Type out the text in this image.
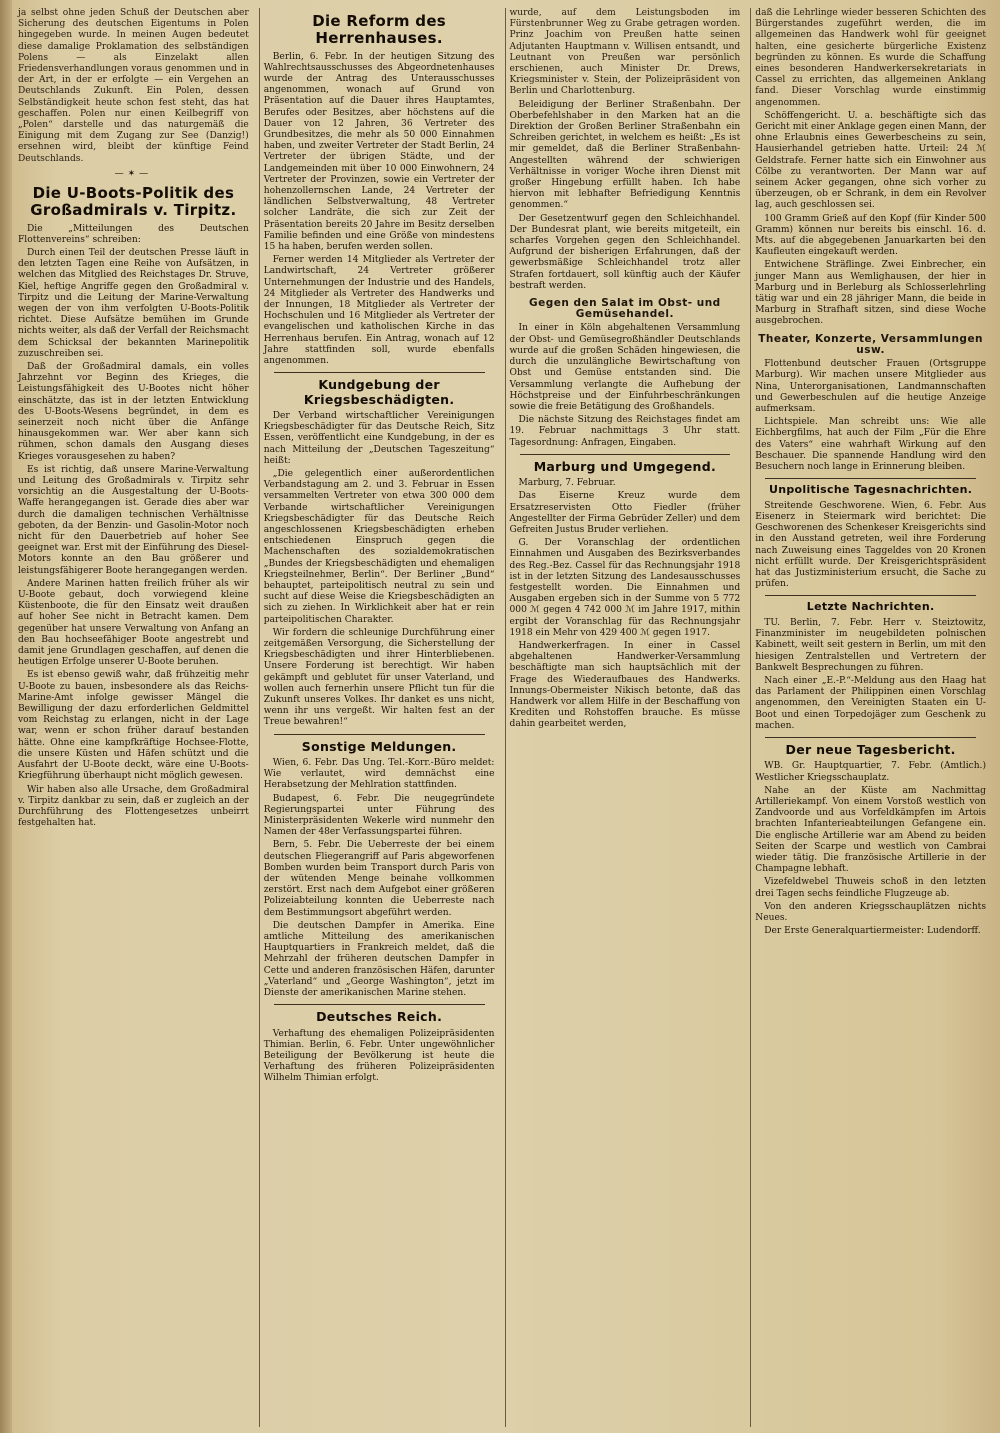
ja selbst ohne jeden Schuß der Deutschen aber Sicherung des deutschen Eigentums in Polen hingegeben wurde. In meinen Augen bedeutet diese damalige Proklamation des selbständigen Polens — als Einzelakt allen Friedensverhandlungen voraus genommen und in der Art, in der er erfolgte — ein Vergehen an Deutschlands Zukunft. Ein Polen, dessen Selbständigkeit heute schon fest steht, das hat geschaffen. Polen nur einen Keilbegriff von „Polen“ darstelle und das naturgemäß die Einigung mit dem Zugang zur See (Danzig!) ersehnen wird, bleibt der künftige Feind Deutschlands.

—✶—
Die U-Boots-Politik des Großadmirals v. Tirpitz.

Die „Mitteilungen des Deutschen Flottenvereins“ schreiben:

Durch einen Teil der deutschen Presse läuft in den letzten Tagen eine Reihe von Aufsätzen, in welchen das Mitglied des Reichstages Dr. Struve, Kiel, heftige Angriffe gegen den Großadmiral v. Tirpitz und die Leitung der Marine-Verwaltung wegen der von ihm verfolgten U-Boots-Politik richtet. Diese Aufsätze bemühen im Grunde nichts weiter, als daß der Verfall der Reichsmacht dem Schicksal der bekannten Marinepolitik zuzuschreiben sei.

Daß der Großadmiral damals, ein volles Jahrzehnt vor Beginn des Krieges, die Leistungsfähigkeit des U-Bootes nicht höher einschätzte, das ist in der letzten Entwicklung des U-Boots-Wesens begründet, in dem es seinerzeit noch nicht über die Anfänge hinausgekommen war. Wer aber kann sich rühmen, schon damals den Ausgang dieses Krieges vorausgesehen zu haben?

Es ist richtig, daß unsere Marine-Verwaltung und Leitung des Großadmirals v. Tirpitz sehr vorsichtig an die Ausgestaltung der U-Boots-Waffe herangegangen ist. Gerade dies aber war durch die damaligen technischen Verhältnisse geboten, da der Benzin- und Gasolin-Motor noch nicht für den Dauerbetrieb auf hoher See geeignet war. Erst mit der Einführung des Diesel-Motors konnte an den Bau größerer und leistungsfähigerer Boote herangegangen werden.

Andere Marinen hatten freilich früher als wir U-Boote gebaut, doch vorwiegend kleine Küstenboote, die für den Einsatz weit draußen auf hoher See nicht in Betracht kamen. Dem gegenüber hat unsere Verwaltung von Anfang an den Bau hochseefähiger Boote angestrebt und damit jene Grundlagen geschaffen, auf denen die heutigen Erfolge unserer U-Boote beruhen.

Es ist ebenso gewiß wahr, daß frühzeitig mehr U-Boote zu bauen, insbesondere als das Reichs-Marine-Amt infolge gewisser Mängel die Bewilligung der dazu erforderlichen Geldmittel vom Reichstag zu erlangen, nicht in der Lage war, wenn er schon früher darauf bestanden hätte. Ohne eine kampfkräftige Hochsee-Flotte, die unsere Küsten und Häfen schützt und die Ausfahrt der U-Boote deckt, wäre eine U-Boots-Kriegführung überhaupt nicht möglich gewesen.

Wir haben also alle Ursache, dem Großadmiral v. Tirpitz dankbar zu sein, daß er zugleich an der Durchführung des Flottengesetzes unbeirrt festgehalten hat.

Die Reform des Herrenhauses.

Berlin, 6. Febr. In der heutigen Sitzung des Wahlrechtsausschusses des Abgeordnetenhauses wurde der Antrag des Unterausschusses angenommen, wonach auf Grund von Präsentation auf die Dauer ihres Hauptamtes, Berufes oder Besitzes, aber höchstens auf die Dauer von 12 Jahren, 36 Vertreter des Grundbesitzes, die mehr als 50 000 Einnahmen haben, und zweiter Vertreter der Stadt Berlin, 24 Vertreter der übrigen Städte, und der Landgemeinden mit über 10 000 Einwohnern, 24 Vertreter der Provinzen, sowie ein Vertreter der hohenzollernschen Lande, 24 Vertreter der ländlichen Selbstverwaltung, 48 Vertreter solcher Landräte, die sich zur Zeit der Präsentation bereits 20 Jahre im Besitz derselben Familie befinden und eine Größe von mindestens 15 ha haben, berufen werden sollen.

Ferner werden 14 Mitglieder als Vertreter der Landwirtschaft, 24 Vertreter größerer Unternehmungen der Industrie und des Handels, 24 Mitglieder als Vertreter des Handwerks und der Innungen, 18 Mitglieder als Vertreter der Hochschulen und 16 Mitglieder als Vertreter der evangelischen und katholischen Kirche in das Herrenhaus berufen. Ein Antrag, wonach auf 12 Jahre stattfinden soll, wurde ebenfalls angenommen.

Kundgebung der Kriegsbeschädigten.

Der Verband wirtschaftlicher Vereinigungen Kriegsbeschädigter für das Deutsche Reich, Sitz Essen, veröffentlicht eine Kundgebung, in der es nach Mitteilung der „Deutschen Tageszeitung“ heißt:

„Die gelegentlich einer außerordentlichen Verbandstagung am 2. und 3. Februar in Essen versammelten Vertreter von etwa 300 000 dem Verbande wirtschaftlicher Vereinigungen Kriegsbeschädigter für das Deutsche Reich angeschlossenen Kriegsbeschädigten erheben entschiedenen Einspruch gegen die Machenschaften des sozialdemokratischen „Bundes der Kriegsbeschädigten und ehemaligen Kriegsteilnehmer, Berlin“. Der Berliner „Bund“ behauptet, parteipolitisch neutral zu sein und sucht auf diese Weise die Kriegsbeschädigten an sich zu ziehen. In Wirklichkeit aber hat er rein parteipolitischen Charakter.

Wir fordern die schleunige Durchführung einer zeitgemäßen Versorgung, die Sicherstellung der Kriegsbeschädigten und ihrer Hinterbliebenen. Unsere Forderung ist berechtigt. Wir haben gekämpft und geblutet für unser Vaterland, und wollen auch fernerhin unsere Pflicht tun für die Zukunft unseres Volkes. Ihr danket es uns nicht, wenn ihr uns vergeßt. Wir halten fest an der Treue bewahren!“

Sonstige Meldungen.

Wien, 6. Febr. Das Ung. Tel.-Korr.-Büro meldet: Wie verlautet, wird demnächst eine Herabsetzung der Mehlration stattfinden.

Budapest, 6. Febr. Die neugegründete Regierungspartei unter Führung des Ministerpräsidenten Wekerle wird nunmehr den Namen der 48er Verfassungspartei führen.

Bern, 5. Febr. Die Ueberreste der bei einem deutschen Fliegerangriff auf Paris abgeworfenen Bomben wurden beim Transport durch Paris von der wütenden Menge beinahe vollkommen zerstört. Erst nach dem Aufgebot einer größeren Polizeiabteilung konnten die Ueberreste nach dem Bestimmungsort abgeführt werden.

Die deutschen Dampfer in Amerika. Eine amtliche Mitteilung des amerikanischen Hauptquartiers in Frankreich meldet, daß die Mehrzahl der früheren deutschen Dampfer in Cette und anderen französischen Häfen, darunter „Vaterland“ und „George Washington“, jetzt im Dienste der amerikanischen Marine stehen.

Deutsches Reich.

Verhaftung des ehemaligen Polizeipräsidenten Thimian. Berlin, 6. Febr. Unter ungewöhnlicher Beteiligung der Bevölkerung ist heute die Verhaftung des früheren Polizeipräsidenten Wilhelm Thimian erfolgt.

wurde, auf dem Leistungsboden im Fürstenbrunner Weg zu Grabe getragen worden. Prinz Joachim von Preußen hatte seinen Adjutanten Hauptmann v. Willisen entsandt, und Leutnant von Preußen war persönlich erschienen, auch Minister Dr. Drews, Kriegsminister v. Stein, der Polizeipräsident von Berlin und Charlottenburg.

Beleidigung der Berliner Straßenbahn. Der Oberbefehlshaber in den Marken hat an die Direktion der Großen Berliner Straßenbahn ein Schreiben gerichtet, in welchem es heißt: „Es ist mir gemeldet, daß die Berliner Straßenbahn-Angestellten während der schwierigen Verhältnisse in voriger Woche ihren Dienst mit großer Hingebung erfüllt haben. Ich habe hiervon mit lebhafter Befriedigung Kenntnis genommen.“

Der Gesetzentwurf gegen den Schleichhandel. Der Bundesrat plant, wie bereits mitgeteilt, ein scharfes Vorgehen gegen den Schleichhandel. Aufgrund der bisherigen Erfahrungen, daß der gewerbsmäßige Schleichhandel trotz aller Strafen fortdauert, soll künftig auch der Käufer bestraft werden.

Gegen den Salat im Obst- und Gemüsehandel.

In einer in Köln abgehaltenen Versammlung der Obst- und Gemüsegroßhändler Deutschlands wurde auf die großen Schäden hingewiesen, die durch die unzulängliche Bewirtschaftung von Obst und Gemüse entstanden sind. Die Versammlung verlangte die Aufhebung der Höchstpreise und der Einfuhrbeschränkungen sowie die freie Betätigung des Großhandels.

Die nächste Sitzung des Reichstages findet am 19. Februar nachmittags 3 Uhr statt. Tagesordnung: Anfragen, Eingaben.

Marburg und Umgegend.

Marburg, 7. Februar.

Das Eiserne Kreuz wurde dem Ersatzreservisten Otto Fiedler (früher Angestellter der Firma Gebrüder Zeller) und dem Gefreiten Justus Bruder verliehen.

G. Der Voranschlag der ordentlichen Einnahmen und Ausgaben des Bezirksverbandes des Reg.-Bez. Cassel für das Rechnungsjahr 1918 ist in der letzten Sitzung des Landesausschusses festgestellt worden. Die Einnahmen und Ausgaben ergeben sich in der Summe von 5 772 000 ℳ gegen 4 742 000 ℳ im Jahre 1917, mithin ergibt der Voranschlag für das Rechnungsjahr 1918 ein Mehr von 429 400 ℳ gegen 1917.

Handwerkerfragen. In einer in Cassel abgehaltenen Handwerker-Versammlung beschäftigte man sich hauptsächlich mit der Frage des Wiederaufbaues des Handwerks. Innungs-Obermeister Nikisch betonte, daß das Handwerk vor allem Hilfe in der Beschaffung von Krediten und Rohstoffen brauche. Es müsse dahin gearbeitet werden,

daß die Lehrlinge wieder besseren Schichten des Bürgerstandes zugeführt werden, die im allgemeinen das Handwerk wohl für geeignet halten, eine gesicherte bürgerliche Existenz begründen zu können. Es wurde die Schaffung eines besonderen Handwerkersekretariats in Cassel zu errichten, das allgemeinen Anklang fand. Dieser Vorschlag wurde einstimmig angenommen.

Schöffengericht. U. a. beschäftigte sich das Gericht mit einer Anklage gegen einen Mann, der ohne Erlaubnis eines Gewerbescheins zu sein, Hausierhandel getrieben hatte. Urteil: 24 ℳ Geldstrafe. Ferner hatte sich ein Einwohner aus Cölbe zu verantworten. Der Mann war auf seinem Acker gegangen, ohne sich vorher zu überzeugen, ob er Schrank, in dem ein Revolver lag, auch geschlossen sei.

100 Gramm Grieß auf den Kopf (für Kinder 500 Gramm) können nur bereits bis einschl. 16. d. Mts. auf die abgegebenen Januarkarten bei den Kaufleuten eingekauft werden.

Entwichene Sträflinge. Zwei Einbrecher, ein junger Mann aus Wemlighausen, der hier in Marburg und in Berleburg als Schlosserlehrling tätig war und ein 28 jähriger Mann, die beide in Marburg in Strafhaft sitzen, sind diese Woche ausgebrochen.

Theater, Konzerte, Versammlungen usw.

Flottenbund deutscher Frauen (Ortsgruppe Marburg). Wir machen unsere Mitglieder aus Nina, Unterorganisationen, Landmannschaften und Gewerbeschulen auf die heutige Anzeige aufmerksam.

Lichtspiele. Man schreibt uns: Wie alle Eichbergfilms, hat auch der Film „Für die Ehre des Vaters“ eine wahrhaft Wirkung auf den Beschauer. Die spannende Handlung wird den Besuchern noch lange in Erinnerung bleiben.

Unpolitische Tagesnachrichten.

Streitende Geschworene. Wien, 6. Febr. Aus Eisenerz in Steiermark wird berichtet: Die Geschworenen des Schenkeser Kreisgerichts sind in den Ausstand getreten, weil ihre Forderung nach Zuweisung eines Taggeldes von 20 Kronen nicht erfüllt wurde. Der Kreisgerichtspräsident hat das Justizministerium ersucht, die Sache zu prüfen.

Letzte Nachrichten.

TU. Berlin, 7. Febr. Herr v. Steiztowitz, Finanzminister im neugebildeten polnischen Kabinett, weilt seit gestern in Berlin, um mit den hiesigen Zentralstellen und Vertretern der Bankwelt Besprechungen zu führen.

Nach einer „E.-P.“-Meldung aus den Haag hat das Parlament der Philippinen einen Vorschlag angenommen, den Vereinigten Staaten ein U-Boot und einen Torpedojäger zum Geschenk zu machen.

Der neue Tagesbericht.

WB. Gr. Hauptquartier, 7. Febr. (Amtlich.) Westlicher Kriegsschauplatz.

Nahe an der Küste am Nachmittag Artilleriekampf. Von einem Vorstoß westlich von Zandvoorde und aus Vorfeldkämpfen im Artois brachten Infanterieabteilungen Gefangene ein. Die englische Artillerie war am Abend zu beiden Seiten der Scarpe und westlich von Cambrai wieder tätig. Die französische Artillerie in der Champagne lebhaft.

Vizefeldwebel Thuweis schoß in den letzten drei Tagen sechs feindliche Flugzeuge ab.

Von den anderen Kriegsschauplätzen nichts Neues.

Der Erste Generalquartiermeister: Ludendorff.
